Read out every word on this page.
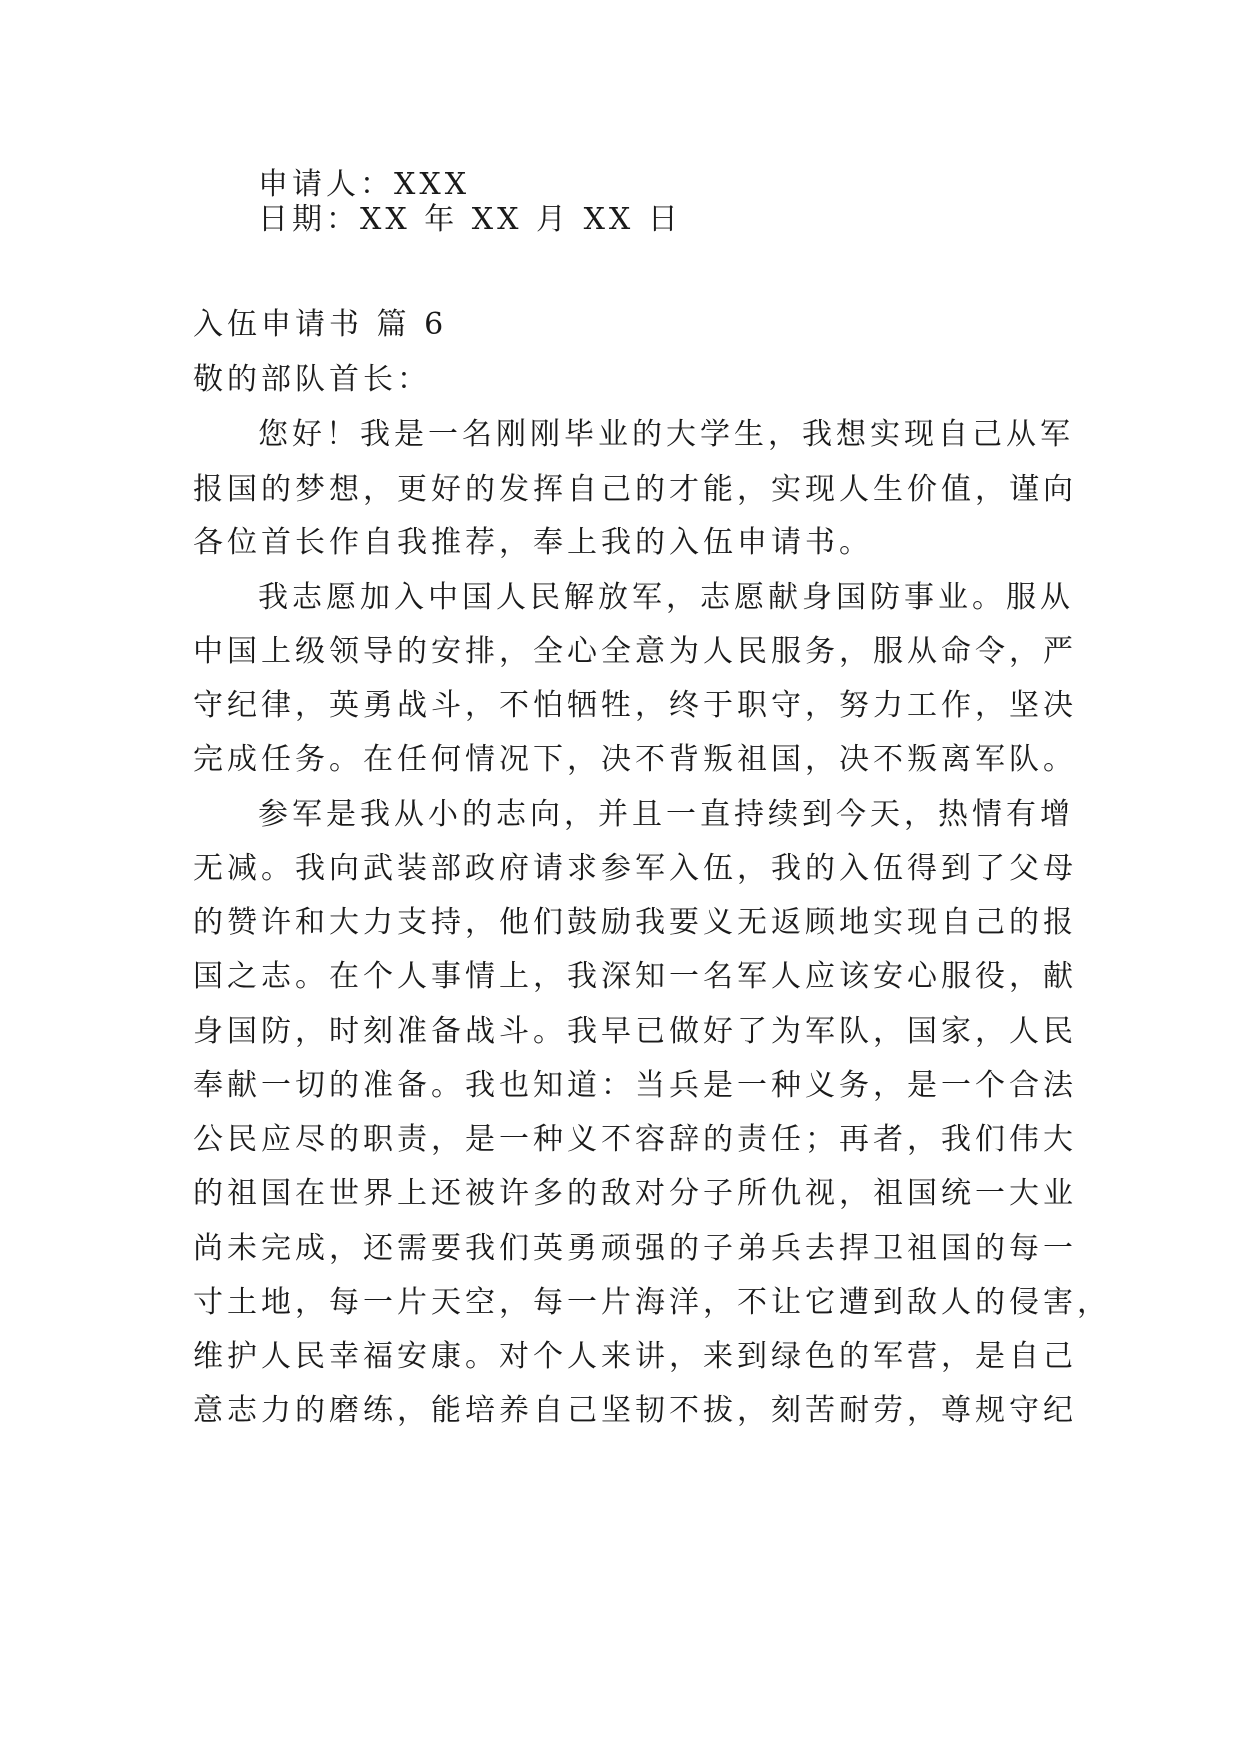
申请人：XXX
日期：XX 年 XX 月 XX 日
入伍申请书 篇 6
敬的部队首长：
您好！我是一名刚刚毕业的大学生，我想实现自己从军
报国的梦想，更好的发挥自己的才能，实现人生价值，谨向
各位首长作自我推荐，奉上我的入伍申请书。
我志愿加入中国人民解放军，志愿献身国防事业。服从
中国上级领导的安排，全心全意为人民服务，服从命令，严
守纪律，英勇战斗，不怕牺牲，终于职守，努力工作，坚决
完成任务。在任何情况下，决不背叛祖国，决不叛离军队。
参军是我从小的志向，并且一直持续到今天，热情有增
无减。我向武装部政府请求参军入伍，我的入伍得到了父母
的赞许和大力支持，他们鼓励我要义无返顾地实现自己的报
国之志。在个人事情上，我深知一名军人应该安心服役，献
身国防，时刻准备战斗。我早已做好了为军队，国家，人民
奉献一切的准备。我也知道：当兵是一种义务，是一个合法
公民应尽的职责，是一种义不容辞的责任；再者，我们伟大
的祖国在世界上还被许多的敌对分子所仇视，祖国统一大业
尚未完成，还需要我们英勇顽强的子弟兵去捍卫祖国的每一
寸土地，每一片天空，每一片海洋，不让它遭到敌人的侵害，
维护人民幸福安康。对个人来讲，来到绿色的军营，是自己
意志力的磨练，能培养自己坚韧不拔，刻苦耐劳，尊规守纪
